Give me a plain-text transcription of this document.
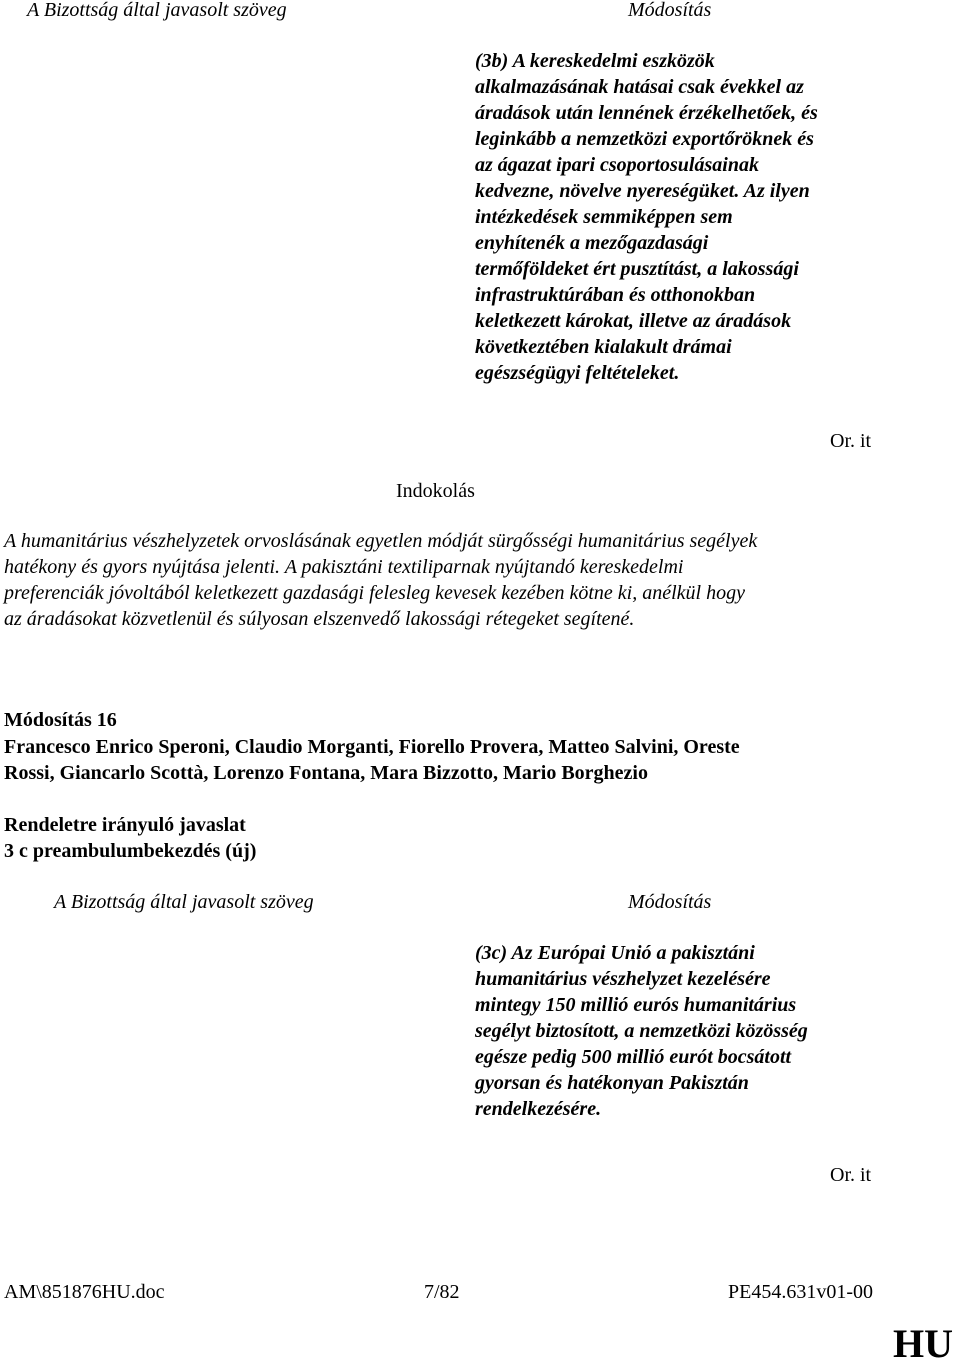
A Bizottság által javasolt szöveg	Módosítás
(3b) A kereskedelmi eszközök
alkalmazásának hatásai csak évekkel az
áradások után lennének érzékelhetőek, és
leginkább a nemzetközi exportőröknek és
az ágazat ipari csoportosulásainak
kedvezne, növelve nyereségüket. Az ilyen
intézkedések semmiképpen sem
enyhítenék a mezőgazdasági
termőföldeket ért pusztítást, a lakossági
infrastruktúrában és otthonokban
keletkezett károkat, illetve az áradások
következtében kialakult drámai
egészségügyi feltételeket.
Or. it
Indokolás
A humanitárius vészhelyzetek orvoslásának egyetlen módját sürgősségi humanitárius segélyek
hatékony és gyors nyújtása jelenti. A pakisztáni textiliparnak nyújtandó kereskedelmi
preferenciák jóvoltából keletkezett gazdasági felesleg kevesek kezében kötne ki, anélkül hogy
az áradásokat közvetlenül és súlyosan elszenvedő lakossági rétegeket segítené.
Módosítás 16
Francesco Enrico Speroni, Claudio Morganti, Fiorello Provera, Matteo Salvini, Oreste
Rossi, Giancarlo Scottà, Lorenzo Fontana, Mara Bizzotto, Mario Borghezio
Rendeletre irányuló javaslat
3 c preambulumbekezdés (új)
A Bizottság által javasolt szöveg	Módosítás
(3c) Az Európai Unió a pakisztáni
humanitárius vészhelyzet kezelésére
mintegy 150 millió eurós humanitárius
segélyt biztosított, a nemzetközi közösség
egésze pedig 500 millió eurót bocsátott
gyorsan és hatékonyan Pakisztán
rendelkezésére.
Or. it
AM\851876HU.doc	7/82	PE454.631v01-00
HU
